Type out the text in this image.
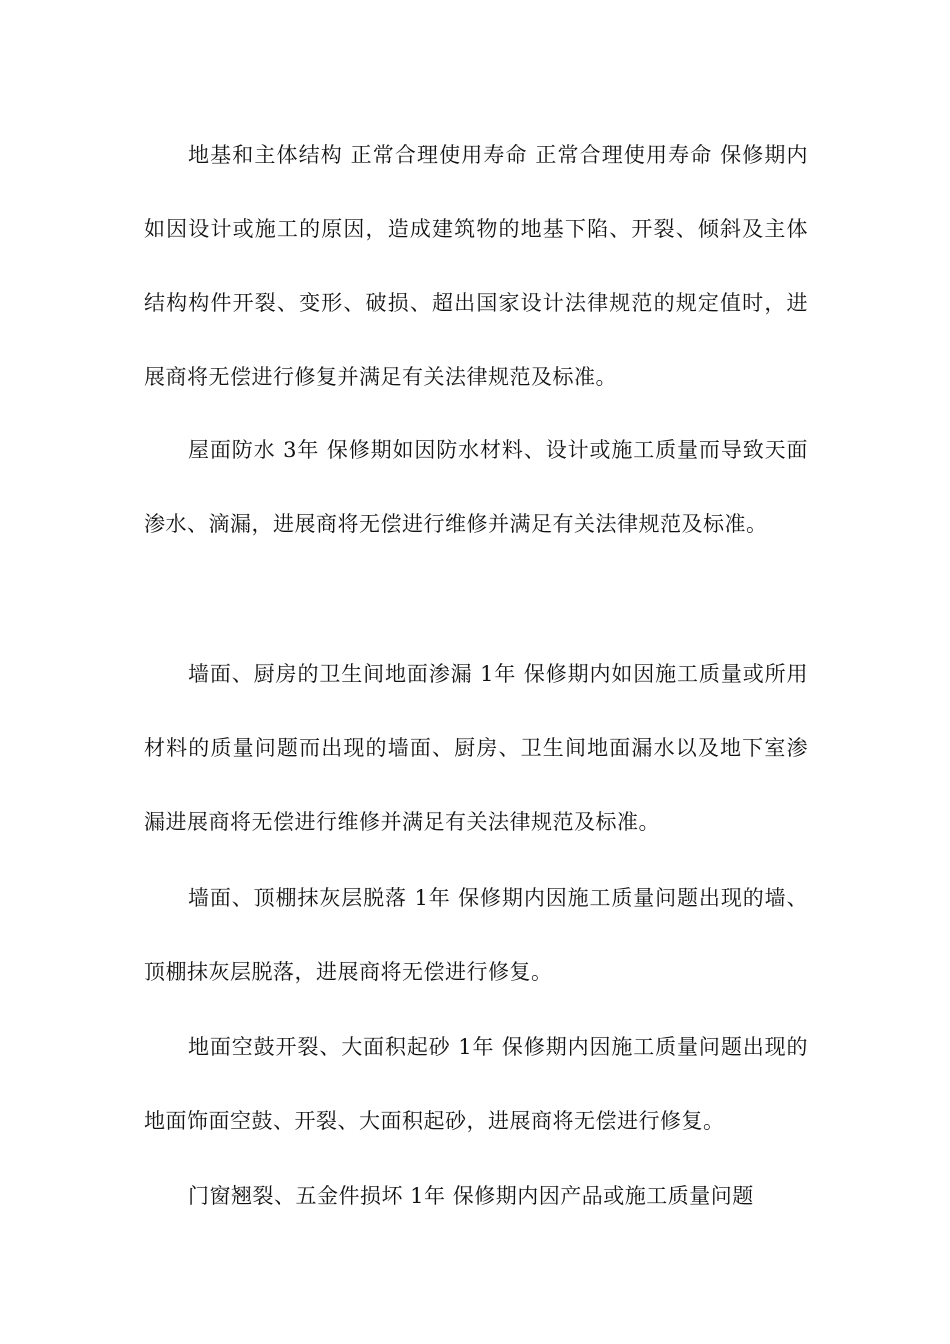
地基和主体结构 正常合理使用寿命 正常合理使用寿命 保修期内如因设计或施工的原因，造成建筑物的地基下陷、开裂、倾斜及主体结构构件开裂、变形、破损、超出国家设计法律规范的规定值时，进展商将无偿进行修复并满足有关法律规范及标准。

屋面防水 3年 保修期如因防水材料、设计或施工质量而导致天面渗水、滴漏，进展商将无偿进行维修并满足有关法律规范及标准。

墙面、厨房的卫生间地面渗漏 1年 保修期内如因施工质量或所用材料的质量问题而出现的墙面、厨房、卫生间地面漏水以及地下室渗漏进展商将无偿进行维修并满足有关法律规范及标准。

墙面、顶棚抹灰层脱落 1年 保修期内因施工质量问题出现的墙、顶棚抹灰层脱落，进展商将无偿进行修复。

地面空鼓开裂、大面积起砂 1年 保修期内因施工质量问题出现的地面饰面空鼓、开裂、大面积起砂，进展商将无偿进行修复。

门窗翘裂、五金件损坏 1年 保修期内因产品或施工质量问题
